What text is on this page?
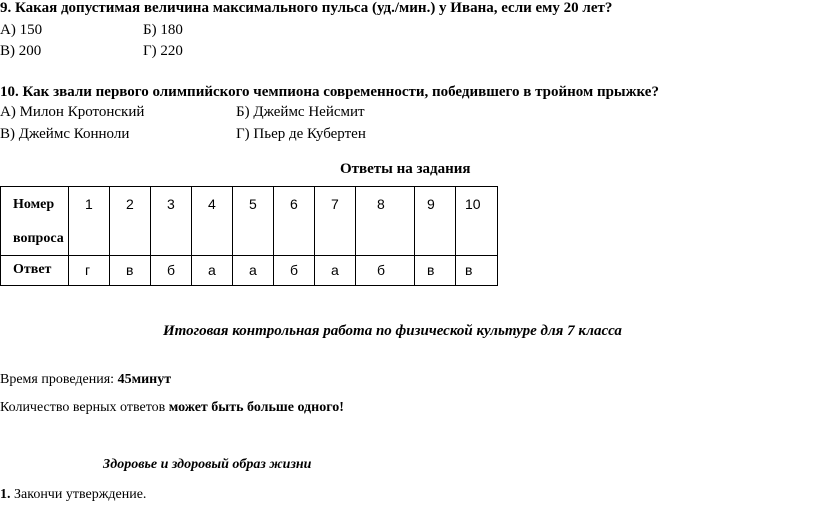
9. Какая допустимая величина максимального пульса (уд./мин.) у Ивана, если ему 20 лет?
А) 150	Б) 180
В) 200	Г) 220
10. Как звали первого олимпийского чемпиона современности, победившего в тройном прыжке?
А) Милон Кротонский	Б) Джеймс Нейсмит
В) Джеймс Конноли	Г) Пьер де Кубертен
Ответы на задания
Номер
вопроса	1	2	3	4	5	6	7	8	9	10
Ответ	г	в	б	а	а	б	а	б	в	в
Итоговая контрольная работа по физической культуре для 7 класса
Время проведения: 45минут
Количество верных ответов может быть больше одного!
Здоровье и здоровый образ жизни
1. Закончи утверждение.
